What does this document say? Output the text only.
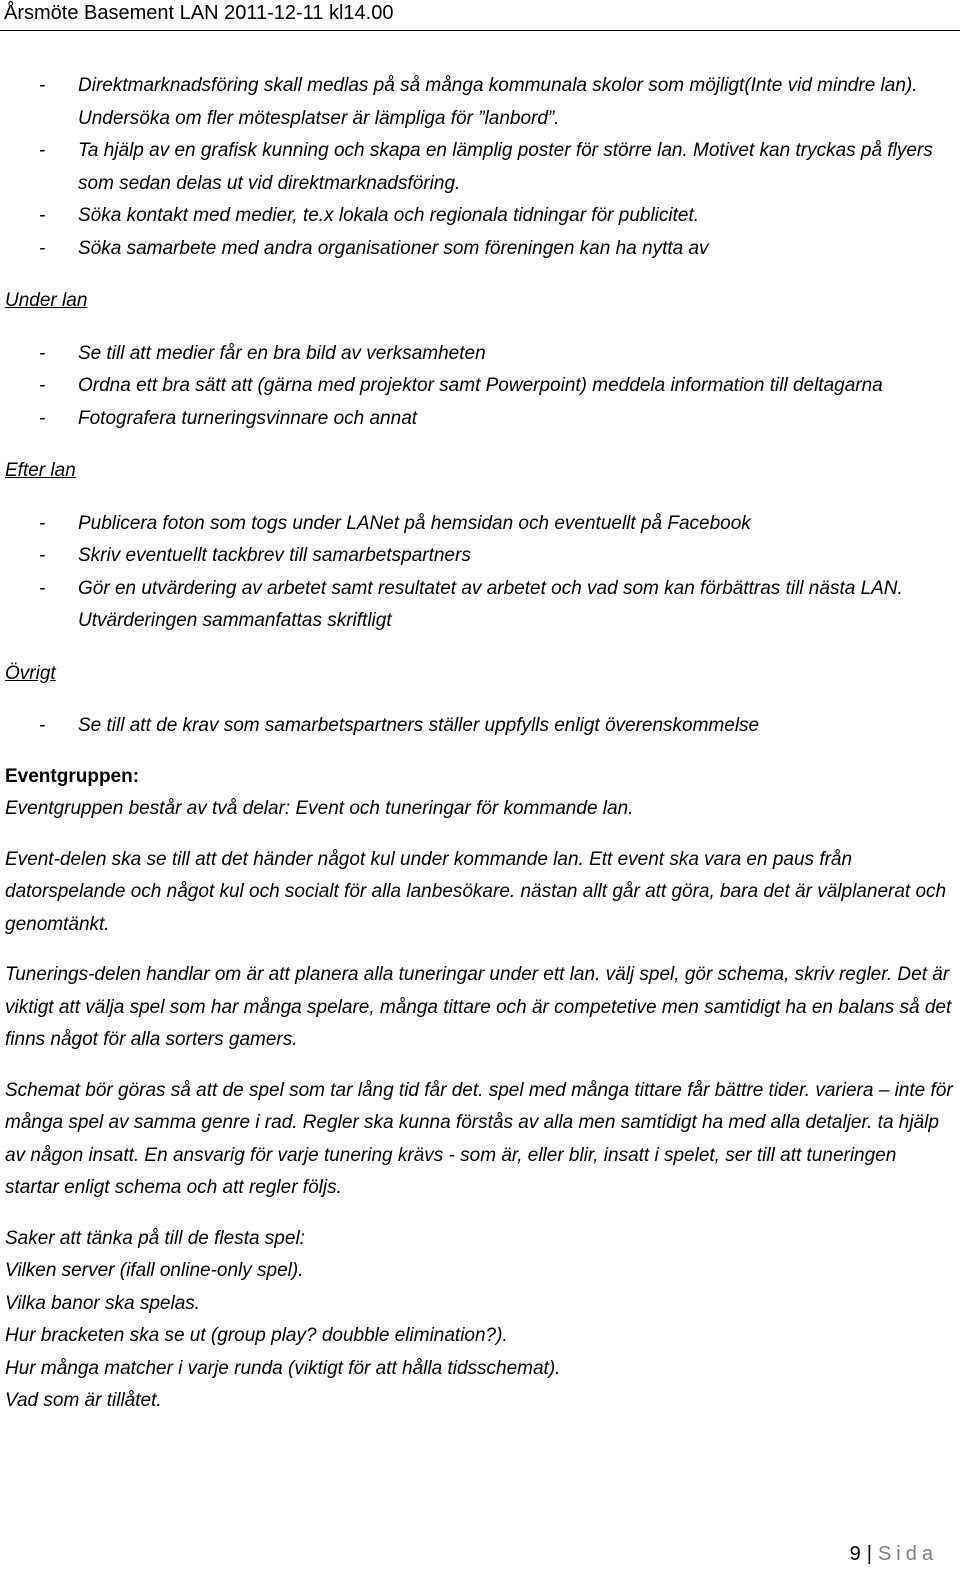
Årsmöte Basement LAN 2011-12-11 kl14.00
- Direktmarknadsföring skall medlas på så många kommunala skolor som möjligt(Inte vid mindre lan). Undersöka om fler mötesplatser är lämpliga för ”lanbord”.
- Ta hjälp av en grafisk kunning och skapa en lämplig poster för större lan. Motivet kan tryckas på flyers som sedan delas ut vid direktmarknadsföring.
- Söka kontakt med medier, te.x lokala och regionala tidningar för publicitet.
- Söka samarbete med andra organisationer som föreningen kan ha nytta av
Under lan
- Se till att medier får en bra bild av verksamheten
- Ordna ett bra sätt att (gärna med projektor samt Powerpoint) meddela information till deltagarna
- Fotografera turneringsvinnare och annat
Efter lan
- Publicera foton som togs under LANet på hemsidan och eventuellt på Facebook
- Skriv eventuellt tackbrev till samarbetspartners
- Gör en utvärdering av arbetet samt resultatet av arbetet och vad som kan förbättras till nästa LAN. Utvärderingen sammanfattas skriftligt
Övrigt
- Se till att de krav som samarbetspartners ställer uppfylls enligt överenskommelse
Eventgruppen:

Eventgruppen består av två delar: Event och tuneringar för kommande lan.

Event-delen ska se till att det händer något kul under kommande lan. Ett event ska vara en paus från datorspelande och något kul och socialt för alla lanbesökare. nästan allt går att göra, bara det är välplanerat och genomtänkt.

Tunerings-delen handlar om är att planera alla tuneringar under ett lan. välj spel, gör schema, skriv regler. Det är viktigt att välja spel som har många spelare, många tittare och är competetive men samtidigt ha en balans så det finns något för alla sorters gamers.

Schemat bör göras så att de spel som tar lång tid får det. spel med många tittare får bättre tider. variera – inte för många spel av samma genre i rad. Regler ska kunna förstås av alla men samtidigt ha med alla detaljer. ta hjälp av någon insatt. En ansvarig för varje tunering krävs - som är, eller blir, insatt i spelet, ser till att tuneringen startar enligt schema och att regler följs.

Saker att tänka på till de flesta spel:
Vilken server (ifall online-only spel).
Vilka banor ska spelas.
Hur bracketen ska se ut (group play? doubble elimination?).
Hur många matcher i varje runda (viktigt för att hålla tidsschemat).
Vad som är tillåtet.
9 | Sida
